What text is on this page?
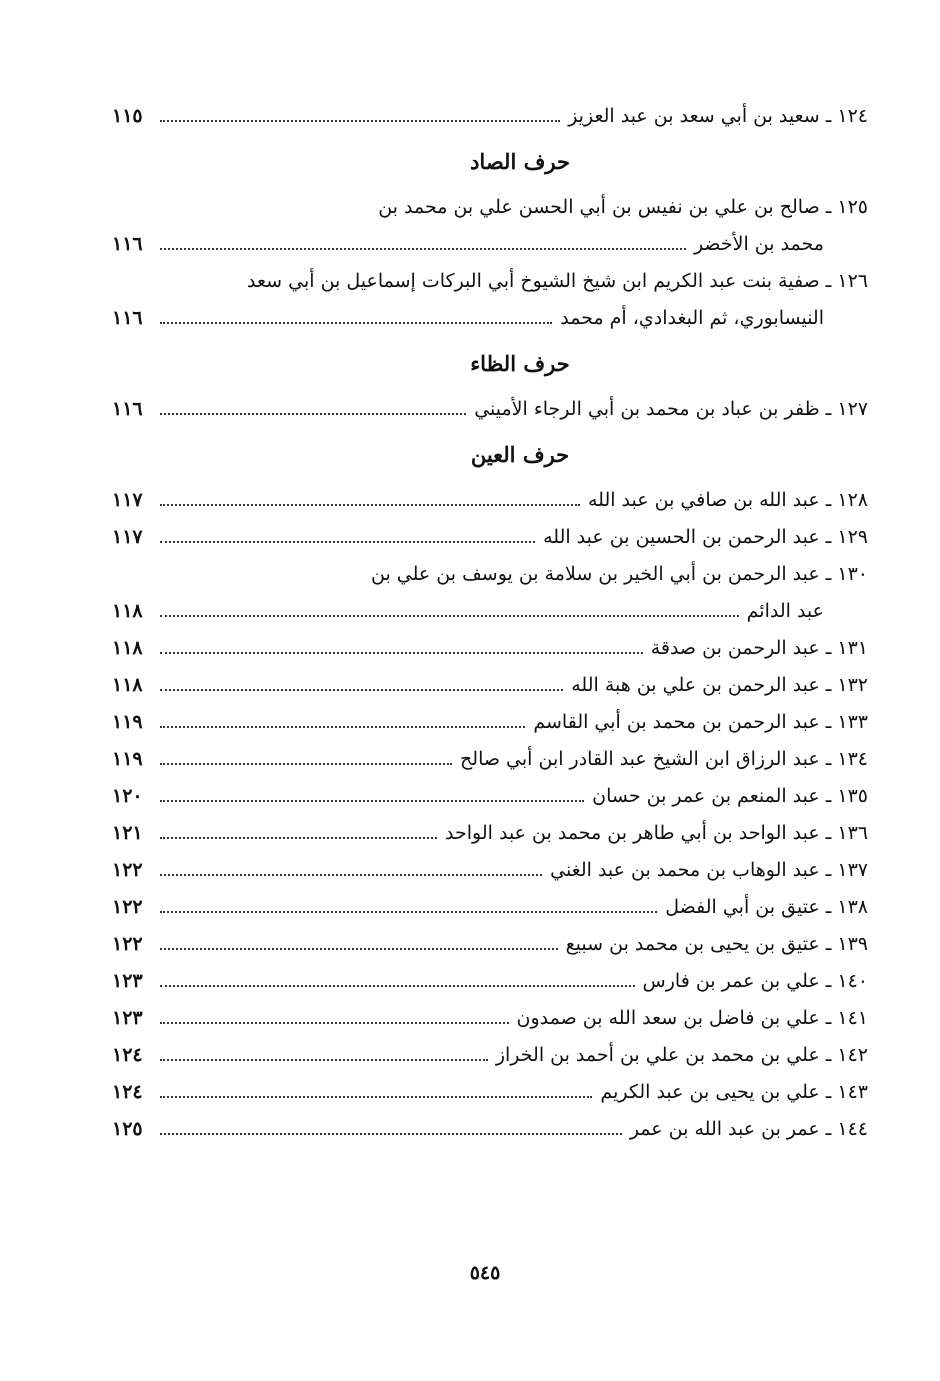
١٢٤ ـ سعيد بن أبي سعد بن عبد العزيز
١١٥
حرف الصاد
١٢٥ ـ صالح بن علي بن نفيس بن أبي الحسن علي بن محمد بن
محمد بن الأخضر
١١٦
١٢٦ ـ صفية بنت عبد الكريم ابن شيخ الشيوخ أبي البركات إسماعيل بن أبي سعد
النيسابوري، ثم البغدادي، أم محمد
١١٦
حرف الظاء
١٢٧ ـ ظفر بن عباد بن محمد بن أبي الرجاء الأميني
١١٦
حرف العين
١٢٨ ـ عبد الله بن صافي بن عبد الله
١١٧
١٢٩ ـ عبد الرحمن بن الحسين بن عبد الله
١١٧
١٣٠ ـ عبد الرحمن بن أبي الخير بن سلامة بن يوسف بن علي بن
عبد الدائم
١١٨
١٣١ ـ عبد الرحمن بن صدقة
١١٨
١٣٢ ـ عبد الرحمن بن علي بن هبة الله
١١٨
١٣٣ ـ عبد الرحمن بن محمد بن أبي القاسم
١١٩
١٣٤ ـ عبد الرزاق ابن الشيخ عبد القادر ابن أبي صالح
١١٩
١٣٥ ـ عبد المنعم بن عمر بن حسان
١٢٠
١٣٦ ـ عبد الواحد بن أبي طاهر بن محمد بن عبد الواحد
١٢١
١٣٧ ـ عبد الوهاب بن محمد بن عبد الغني
١٢٢
١٣٨ ـ عتيق بن أبي الفضل
١٢٢
١٣٩ ـ عتيق بن يحيى بن محمد بن سبيع
١٢٢
١٤٠ ـ علي بن عمر بن فارس
١٢٣
١٤١ ـ علي بن فاضل بن سعد الله بن صمدون
١٢٣
١٤٢ ـ علي بن محمد بن علي بن أحمد بن الخراز
١٢٤
١٤٣ ـ علي بن يحيى بن عبد الكريم
١٢٤
١٤٤ ـ عمر بن عبد الله بن عمر
١٢٥
٥٤٥
